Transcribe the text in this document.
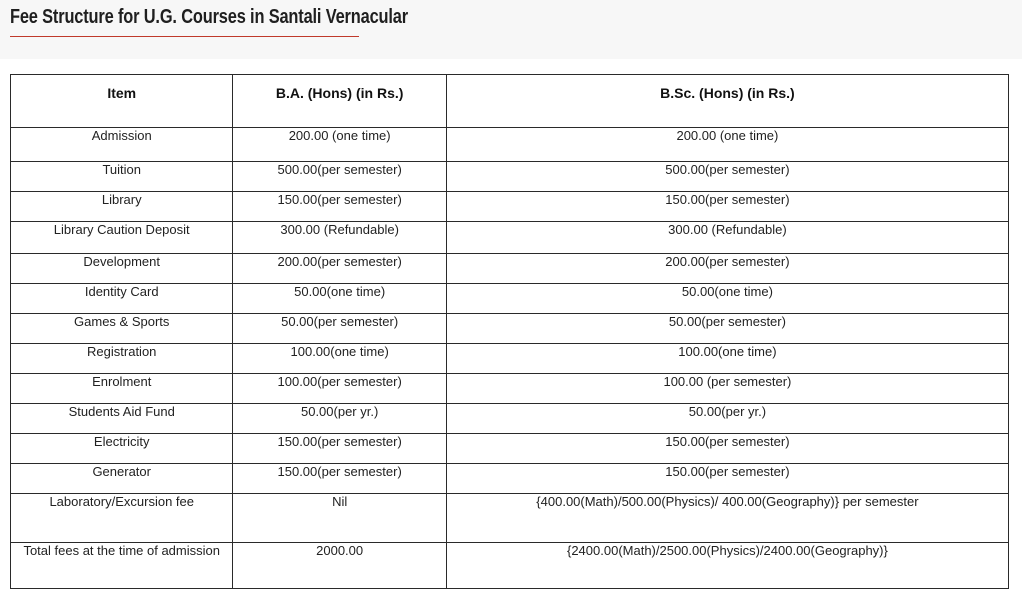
Fee Structure for U.G. Courses in Santali Vernacular
Item	B.A. (Hons) (in Rs.)	B.Sc. (Hons) (in Rs.)
Admission	200.00 (one time)	200.00 (one time)
Tuition	500.00(per semester)	500.00(per semester)
Library	150.00(per semester)	150.00(per semester)
Library Caution Deposit	300.00 (Refundable)	300.00 (Refundable)
Development	200.00(per semester)	200.00(per semester)
Identity Card	50.00(one time)	50.00(one time)
Games & Sports	50.00(per semester)	50.00(per semester)
Registration	100.00(one time)	100.00(one time)
Enrolment	100.00(per semester)	100.00 (per semester)
Students Aid Fund	50.00(per yr.)	50.00(per yr.)
Electricity	150.00(per semester)	150.00(per semester)
Generator	150.00(per semester)	150.00(per semester)
Laboratory/Excursion fee	Nil	{400.00(Math)/500.00(Physics)/ 400.00(Geography)} per semester
Total fees at the time of admission	2000.00	{2400.00(Math)/2500.00(Physics)/2400.00(Geography)}
